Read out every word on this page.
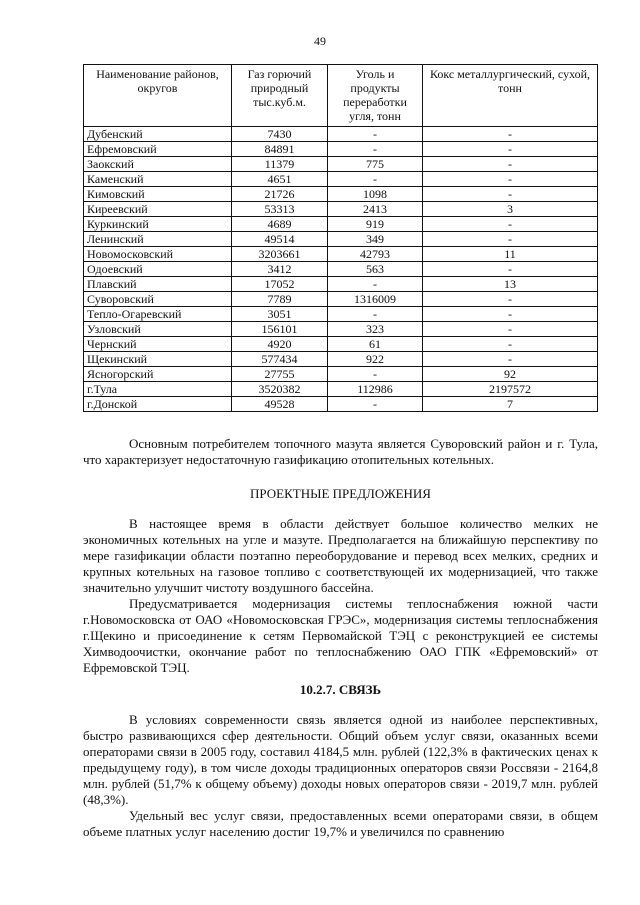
49
Наименование районов, округов	Газ горючий природный тыс.куб.м.	Уголь и продукты переработки угля, тонн	Кокс металлургический, сухой, тонн
Дубенский	7430	-	-
Ефремовский	84891	-	-
Заокский	11379	775	-
Каменский	4651	-	-
Кимовский	21726	1098	-
Киреевский	53313	2413	3
Куркинский	4689	919	-
Ленинский	49514	349	-
Новомосковский	3203661	42793	11
Одоевский	3412	563	-
Плавский	17052	-	13
Суворовский	7789	1316009	-
Тепло-Огаревский	3051	-	-
Узловский	156101	323	-
Чернский	4920	61	-
Щекинский	577434	922	-
Ясногорский	27755	-	92
г.Тула	3520382	112986	2197572
г.Донской	49528	-	7

Основным потребителем топочного мазута является Суворовский район и г. Тула, что характеризует недостаточную газификацию отопительных котельных.

ПРОЕКТНЫЕ ПРЕДЛОЖЕНИЯ

В настоящее время в области действует большое количество мелких не экономичных котельных на угле и мазуте. Предполагается на ближайшую перспективу по мере газификации области поэтапно переоборудование и перевод всех мелких, средних и крупных котельных на газовое топливо с соответствующей их модернизацией, что также значительно улучшит чистоту воздушного бассейна.

Предусматривается модернизация системы теплоснабжения южной части г.Новомосковска от ОАО «Новомосковская ГРЭС», модернизация системы теплоснабжения г.Щекино и присоединение к сетям Первомайской ТЭЦ с реконструкцией ее системы Химводоочистки, окончание работ по теплоснабжению ОАО ГПК «Ефремовский» от Ефремовской ТЭЦ.

10.2.7. СВЯЗЬ

В условиях современности связь является одной из наиболее перспективных, быстро развивающихся сфер деятельности. Общий объем услуг связи, оказанных всеми операторами связи в 2005 году, составил 4184,5 млн. рублей (122,3% в фактических ценах к предыдущему году), в том числе доходы традиционных операторов связи Россвязи - 2164,8 млн. рублей (51,7% к общему объему) доходы новых операторов связи - 2019,7 млн. рублей (48,3%).

Удельный вес услуг связи, предоставленных всеми операторами связи, в общем объеме платных услуг населению достиг 19,7% и увеличился по сравнению
